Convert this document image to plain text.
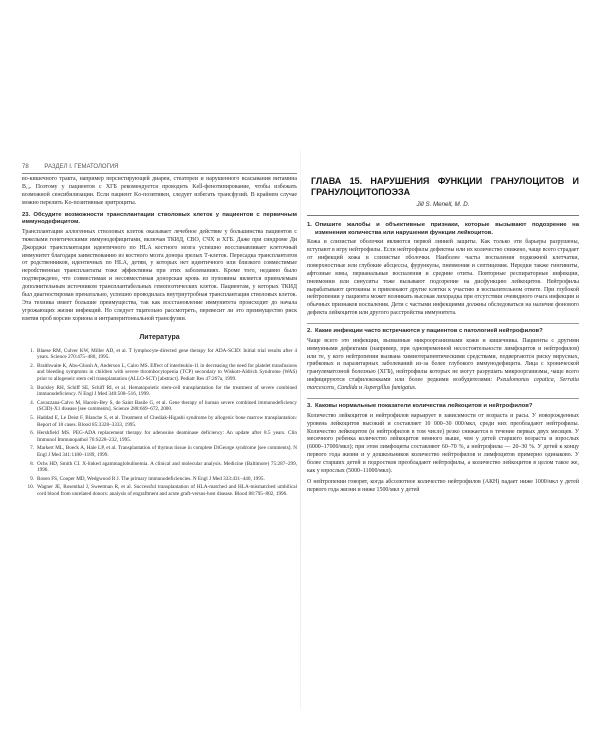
78	РАЗДЕЛ I. ГЕМАТОЛОГИЯ

во-кишечного тракта, например персистирующей диареи, стеатореи и нарушенного всасывания витамина В₁₂. Поэтому у пациентов с ХГБ рекомендуется проводить Kell-фенотипирование, чтобы избежать возможной сенсибилизации. Если пациент Ko-позитивен, следует избегать трансфузий. В крайнем случае можно перелить Ko-позитивные эритроциты.

23. Обсудите возможности трансплантации стволовых клеток у пациентов с первичным иммунодефицитом.

Трансплантация аллогенных стволовых клеток оказывает лечебное действие у большинства пациентов с тяжелыми генетическими иммунодефицитами, включая ТКИД, СВО, СЧХ и ХГБ. Даже при синдроме Ди Джорджи трансплантация идентичного по HLA костного мозга успешно восстанавливает клеточный иммунитет благодаря заимствованию из костного мозга донора зрелых Т-клеток. Пересадка трансплантатов от родственников, идентичных по HLA, детям, у которых нет идентичного или близкого совместимые нерodcтвенные трансплантаты тоже эффективны при этих заболеваниях. Кроме того, недавно было подтверждено, что совместимая и несовместимая донорская кровь из пуповины является приемлемым дополнительным источником трансплантабельных гемопоэтических клеток. Пациентам, у которых ТКИД был диагностирован пренатально, успешно проводилась внутриутробная трансплантация стволовых клеток. Эта техника имеет большие преимущества, так как восстановление иммунитета происходит до начала угрожающих жизни инфекций. Но следует тщательно рассмотреть, перевесит ли это преимущество риск взятия проб ворсин хориона и интраперитонеальной трансфузии.

Литература
1. Blaese RM, Culver KW, Miller AD, et al. T lymphocyte-directed gene therapy for ADA-SCID: Initial trial results after 4 years. Science 270:475–480, 1995.
2. Braithwaite K, Abu-Ghosh A, Anderson L, Cairo MS. Effect of interleukin-11 in decreasing the need for platelet transfusions and bleeding symptoms in children with severe thrombocytopenia (TCP) secondary to Wiskott-Aldrich Syndrome (WAS) prior to allogeneic stem cell transplantation (ALLO-SCT) [abstract]. Pediatr Res 47:267a, 1999.
3. Buckley RH, Schiff SE, Schiff RI, et al. Hematopoietic stem-cell transplantation for the treatment of severe combined immunodeficiency. N Engl J Med 340:508–516, 1999.
4. Cavazzana-Calvo M, Hacein-Bey S, de Saint Basile G, et al. Gene therapy of human severe combined immunodeficiency (SCID)-X1 disease [see comments]. Science 288:669–672, 2000.
5. Haddad E, Le Deist F, Blanche S, et al. Treatment of Chediak-Higashi syndrome by allogenic bone marrow transplantation: Report of 10 cases. Blood 85:3328–3333, 1995.
6. Hershfield MS. PEG-ADA replacement therapy for adenosine deaminase deficiency: An update after 8.5 years. Clin Immunol Immunopathol 76:S228–232, 1995.
7. Markert ML, Boeck A, Hale LP, et al. Transplantation of thymus tissue in complete DiGeorge syndrome [see comments]. N Engl J Med 341:1180–1189, 1999.
8. Ochs HD, Smith CI. X-linked agammaglobulinemia. A clinical and molecular analysis. Medicine (Baltimore) 75:287–299, 1996.
9. Rosen FS, Cooper MD, Wedgwood R J. The primary immunodeficiencies. N Engl J Med 333:431–440, 1995.
10. Wagner JE, Rosenthal J, Sweetman R, et al. Successful transplantation of HLA-matched and HLA-mismatched umbilical cord blood from unrelated donors: analysis of engraftment and acute graft-versus-host disease. Blood 88:795–802, 1996.
ГЛАВА 15. НАРУШЕНИЯ ФУНКЦИИ ГРАНУЛОЦИТОВ И ГРАНУЛОЦИТОПОЭЗА
Jill S. Menell, M. D.
1. Опишите жалобы и объективные признаки, которые вызывают подозрение на изменения количества или нарушения функции лейкоцитов.

Кожа и слизистые оболочки являются первой линией защиты. Как только эти барьеры разрушены, вступают в игру нейтрофилы. Если нейтрофилы дефектны или их количество снижено, чаще всего страдает от инфекций кожа и слизистые оболочки. Наиболее часты воспаления подкожной клетчатки, поверхностные или глубокие абсцессы, фурункулы, пневмония и септицемия. Нередки также гингивиты, афтозные язвы, перианальные воспаления и средние отиты. Повторные респираторные инфекции, пневмонии или синуситы тоже вызывают подозрение на дисфункцию лейкоцитов. Нейтрофилы вырабатывают цитокины и привлекают другие клетки к участию в воспалительном ответе. При глубокой нейтропении у пациента может возникать высокая лихорадка при отсутствии очевидного очага инфекции и обычных признаков воспаления. Дети с частыми инфекциями должны обследоваться на наличие фонового дефекта лейкоцитов или другого расстройства иммунитета.

2. Какие инфекции часто встречаются у пациентов с патологией нейтрофилов?

Чаще всего это инфекции, вызванные микроорганизмами кожи и кишечника. Пациенты с другими иммунными дефектами (например, при одновременной несостоятельности лимфоцитов и нейтрофилов) или те, у кого нейтропения вызвана химиотерапевтическими средствами, подвергаются риску вирусных, грибковых и паразитарных заболеваний из-за более глубокого иммунодефицита. Лица с хронической гранулематозной болезнью (ХГБ), нейтрофилы которых не могут разрушать микроорганизмы, чаще всего инфицируются стафилококками или более редкими возбудителями: Pseudomonas cepatica, Serratia marcescens, Candida и Aspergillus fumigatus.

3. Каковы нормальные показатели количества лейкоцитов и нейтрофилов?

Количество лейкоцитов и нейтрофилов варьирует в зависимости от возраста и расы. У новорожденных уровень лейкоцитов высокий и составляет 10 000–30 000/мкл, среди них преобладают нейтрофилы. Количество лейкоцитов (и нейтрофилов в том числе) резко снижается в течение первых двух месяцев. У месячного ребенка количество лейкоцитов немного выше, чем у детей старшего возраста и взрослых (6000–17000/мкл); при этом лимфоциты составляют 60–70 %, а нейтрофилы — 20–30 %. У детей к концу первого года жизни и у дошкольников количество нейтрофилов и лимфоцитов примерно одинаково. У более старших детей и подростков преобладают нейтрофилы, а количество лейкоцитов в целом такое же, как у взрослых (5000–11000/мкл).

О нейтропении говорят, когда абсолютное количество нейтрофилов (АКН) падает ниже 1000/мкл у детей первого года жизни и ниже 1500/мкл у детей
